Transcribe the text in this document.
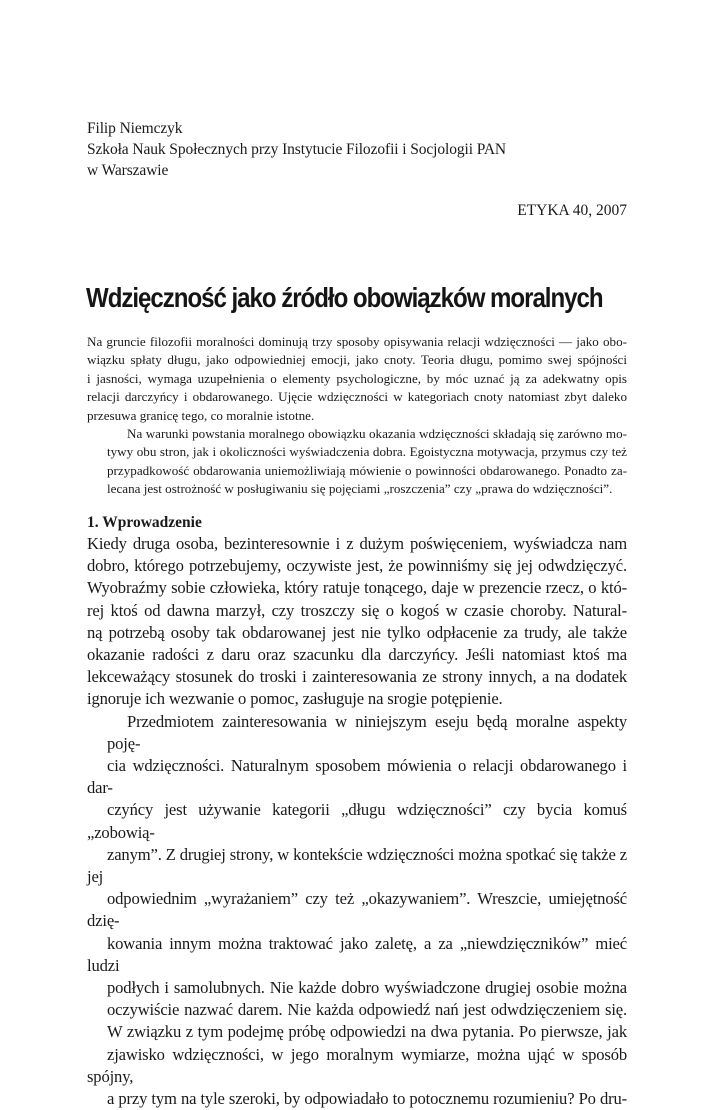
Filip Niemczyk
Szkoła Nauk Społecznych przy Instytucie Filozofii i Socjologii PAN
w Warszawie
ETYKA 40, 2007
Wdzięczność jako źródło obowiązków moralnych

Na gruncie filozofii moralności dominują trzy sposoby opisywania relacji wdzięczności — jako obo-
wiązku spłaty długu, jako odpowiedniej emocji, jako cnoty. Teoria długu, pomimo swej spójności
i jasności, wymaga uzupełnienia o elementy psychologiczne, by móc uznać ją za adekwatny opis
relacji darczyńcy i obdarowanego. Ujęcie wdzięczności w kategoriach cnoty natomiast zbyt daleko
przesuwa granicę tego, co moralnie istotne.

Na warunki powstania moralnego obowiązku okazania wdzięczności składają się zarówno mo-
tywy obu stron, jak i okoliczności wyświadczenia dobra. Egoistyczna motywacja, przymus czy też
przypadkowość obdarowania uniemożliwiają mówienie o powinności obdarowanego. Ponadto za-
lecana jest ostrożność w posługiwaniu się pojęciami „roszczenia” czy „prawa do wdzięczności”.

1. Wprowadzenie

Kiedy druga osoba, bezinteresownie i z dużym poświęceniem, wyświadcza nam
dobro, którego potrzebujemy, oczywiste jest, że powinniśmy się jej odwdzięczyć.
Wyobraźmy sobie człowieka, który ratuje tonącego, daje w prezencie rzecz, o któ-
rej ktoś od dawna marzył, czy troszczy się o kogoś w czasie choroby. Natural-
ną potrzebą osoby tak obdarowanej jest nie tylko odpłacenie za trudy, ale także
okazanie radości z daru oraz szacunku dla darczyńcy. Jeśli natomiast ktoś ma
lekceważący stosunek do troski i zainteresowania ze strony innych, a na dodatek
ignoruje ich wezwanie o pomoc, zasługuje na srogie potępienie.

Przedmiotem zainteresowania w niniejszym eseju będą moralne aspekty poję-
cia wdzięczności. Naturalnym sposobem mówienia o relacji obdarowanego i dar-
czyńcy jest używanie kategorii „długu wdzięczności” czy bycia komuś „zobowią-
zanym”. Z drugiej strony, w kontekście wdzięczności można spotkać się także z jej
odpowiednim „wyrażaniem” czy też „okazywaniem”. Wreszcie, umiejętność dzię-
kowania innym można traktować jako zaletę, a za „niewdzięczników” mieć ludzi
podłych i samolubnych. Nie każde dobro wyświadczone drugiej osobie można
oczywiście nazwać darem. Nie każda odpowiedź nań jest odwdzięczeniem się.
W związku z tym podejmę próbę odpowiedzi na dwa pytania. Po pierwsze, jak
zjawisko wdzięczności, w jego moralnym wymiarze, można ująć w sposób spójny,
a przy tym na tyle szeroki, by odpowiadało to potocznemu rozumieniu? Po dru-
